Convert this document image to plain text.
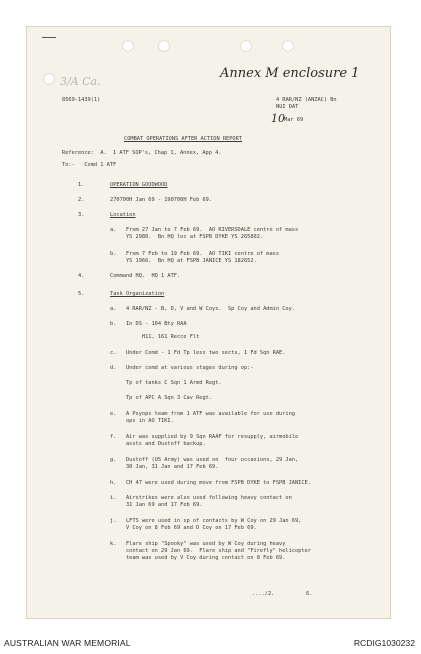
Annex M enclosure 1
3/A Ca.
10
8569-1439(1)	4 RAR/NZ (ANZAC) Bn
NUI DAT
Mar 69
COMBAT OPERATIONS AFTER ACTION REPORT
Reference:  A.  1 ATF SOP's, Chap 1, Annex, App 4.
To:-   Comd 1 ATF
1.	OPERATION GOODWOOD
2.	270700H Jan 69 - 190700H Feb 69.
3.	Location
a.   From 27 Jan to 7 Feb 69.  AO RIVERSDALE centre of mass
YS 2980.  Bn HQ loc at FSPB DYKE YS 265802.
b.   From 7 Feb to 19 Feb 69.  AO TIKI centre of mass
YS 1966.  Bn HQ at FSPB JANICE YS 182652.
4.	Command HQ.  HQ 1 ATF.
5.	Task Organization
a.   4 RAR/NZ - B, D, V and W Coys.  Sp Coy and Admin Coy.
b.   In DS - 104 Bty RAA
H11, 161 Recce Flt
c.   Under Comd - 1 Fd Tp less two sects, 1 Fd Sqn RAE.
d.   Under comd at various stages during op:-
Tp of tanks C Sqn 1 Armd Regt.
Tp of APC A Sqn 3 Cav Regt.
e.   A Psyops team from 1 ATF was available for use during
ops in AO TIKI.
f.   Air was supplied by 9 Sqn RAAF for resupply, airmobile
assts and Dustoff backup.
g.   Dustoff (US Army) was used on  four occasions, 29 Jan,
30 Jan, 31 Jan and 17 Feb 69.
h.   CH 47 were used during move from FSPB DYKE to FSPB JANICE.
i.   Airstrikes were also used following heavy contact on
31 Jan 69 and 17 Feb 69.
j.   LFTS were used in sp of contacts by W Coy on 29 Jan 69,
V Coy on 8 Feb 69 and D Coy on 17 Feb 69.
k.   Flare ship "Spooky" was used by W Coy during heavy
contact on 29 Jan 69.  Flare ship and "Firefly" helicopter
team was used by V Coy during contact on 8 Feb 69.
..../2.	6.
AUSTRALIAN WAR MEMORIAL	RCDIG1030232
